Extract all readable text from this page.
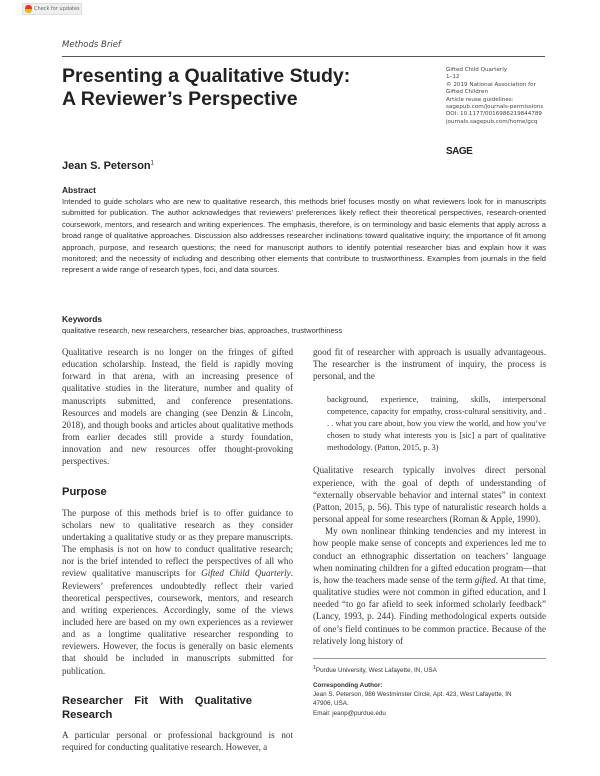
Check for updates
Methods Brief
Presenting a Qualitative Study:
A Reviewer’s Perspective
Gifted Child Quarterly
1–12
© 2019 National Association for
Gifted Children
Article reuse guidelines:
sagepub.com/journals-permissions
DOI: 10.1177/0016986219844789
journals.sagepub.com/home/gcq
SAGE
Jean S. Peterson$^1$
Abstract
Intended to guide scholars who are new to qualitative research, this methods brief focuses mostly on what reviewers look for in manuscripts submitted for publication. The author acknowledges that reviewers’ preferences likely reflect their theoretical perspectives, research-oriented coursework, mentors, and research and writing experiences. The emphasis, therefore, is on terminology and basic elements that apply across a broad range of qualitative approaches. Discussion also addresses researcher inclinations toward qualitative inquiry; the importance of fit among approach, purpose, and research questions; the need for manuscript authors to identify potential researcher bias and explain how it was monitored; and the necessity of including and describing other elements that contribute to trustworthiness. Examples from journals in the field represent a wide range of research types, foci, and data sources.
Keywords
qualitative research, new researchers, researcher bias, approaches, trustworthiness

Qualitative research is no longer on the fringes of gifted education scholarship. Instead, the field is rapidly moving forward in that arena, with an increasing presence of qualitative studies in the literature, number and quality of manuscripts submitted, and conference presentations. Resources and models are changing (see Denzin & Lincoln, 2018), and though books and articles about qualitative methods from earlier decades still provide a sturdy foundation, innovation and new resources offer thought-provoking perspectives.

Purpose

The purpose of this methods brief is to offer guidance to scholars new to qualitative research as they consider undertaking a qualitative study or as they prepare manuscripts. The emphasis is not on how to conduct qualitative research; nor is the brief intended to reflect the perspectives of all who review qualitative manuscripts for Gifted Child Quarterly. Reviewers’ preferences undoubtedly reflect their varied theoretical perspectives, coursework, mentors, and research and writing experiences. Accordingly, some of the views included here are based on my own experiences as a reviewer and as a longtime qualitative researcher responding to reviewers. However, the focus is generally on basic elements that should be included in manuscripts submitted for publication.

Researcher Fit With Qualitative Research

A particular personal or professional background is not required for conducting qualitative research. However, a

good fit of researcher with approach is usually advantageous. The researcher is the instrument of inquiry, the process is personal, and the

background, experience, training, skills, interpersonal competence, capacity for empathy, cross-cultural sensitivity, and . . . what you care about, how you view the world, and how you’ve chosen to study what interests you is [sic] a part of qualitative methodology. (Patton, 2015, p. 3)

Qualitative research typically involves direct personal experience, with the goal of depth of understanding of “externally observable behavior and internal states” in context (Patton, 2015, p. 56). This type of naturalistic research holds a personal appeal for some researchers (Roman & Apple, 1990).

My own nonlinear thinking tendencies and my interest in how people make sense of concepts and experiences led me to conduct an ethnographic dissertation on teachers’ language when nominating children for a gifted education program—that is, how the teachers made sense of the term gifted. At that time, qualitative studies were not common in gifted education, and I needed “to go far afield to seek informed scholarly feedback” (Lancy, 1993, p. 244). Finding methodological experts outside of one’s field continues to be common practice. Because of the relatively long history of

$^1$Purdue University, West Lafayette, IN, USA
Corresponding Author:
Jean S. Peterson, 986 Westminster Circle, Apt. 423, West Lafayette, IN
47906, USA.
Email: jeanp@purdue.edu
